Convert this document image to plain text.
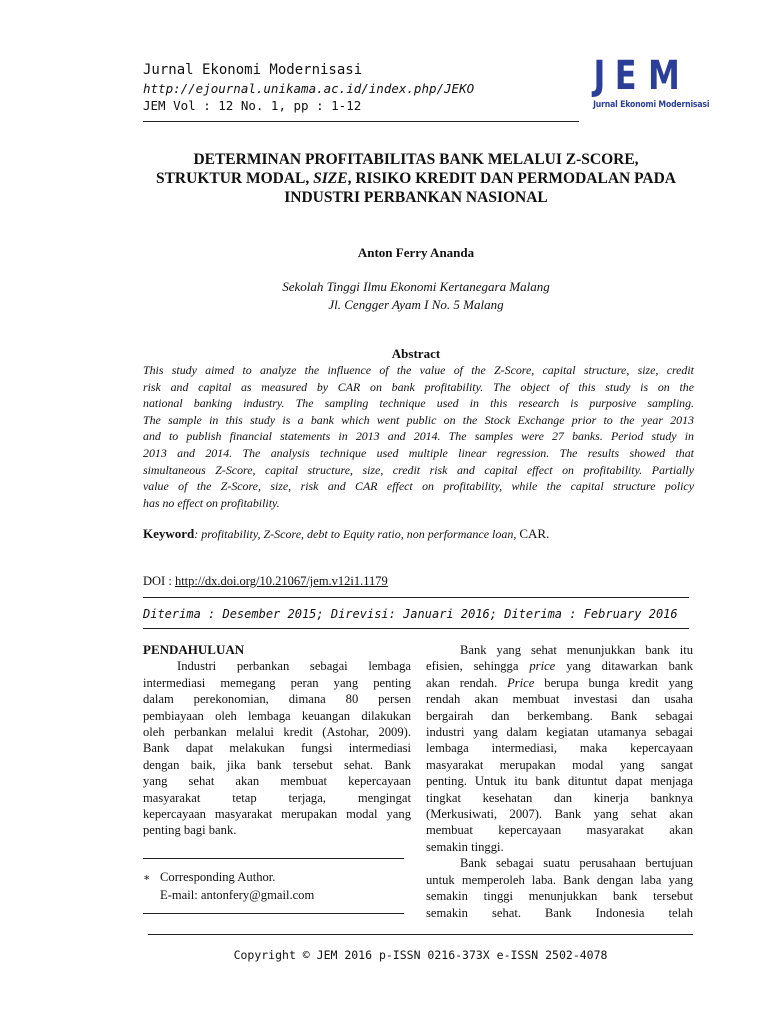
Jurnal Ekonomi Modernisasi
http://ejournal.unikama.ac.id/index.php/JEKO
JEM Vol : 12 No. 1, pp : 1-12
J E M
Jurnal Ekonomi Modernisasi
DETERMINAN PROFITABILITAS BANK MELALUI Z-SCORE,
STRUKTUR MODAL, SIZE, RISIKO KREDIT DAN PERMODALAN PADA
INDUSTRI PERBANKAN NASIONAL
Anton Ferry Ananda
Sekolah Tinggi Ilmu Ekonomi Kertanegara Malang
Jl. Cengger Ayam I No. 5 Malang
Abstract
This study aimed to analyze the influence of the value of the Z-Score, capital structure, size, credit
risk and capital as measured by CAR on bank profitability. The object of this study is on the
national banking industry. The sampling technique used in this research is purposive sampling.
The sample in this study is a bank which went public on the Stock Exchange prior to the year 2013
and to publish financial statements in 2013 and 2014. The samples were 27 banks. Period study in
2013 and 2014. The analysis technique used multiple linear regression. The results showed that
simultaneous Z-Score, capital structure, size, credit risk and capital effect on profitability. Partially
value of the Z-Score, size, risk and CAR effect on profitability, while the capital structure policy
has no effect on profitability.
Keyword: profitability, Z-Score, debt to Equity ratio, non performance loan, CAR.
DOI : http://dx.doi.org/10.21067/jem.v12i1.1179
Diterima : Desember 2015; Direvisi: Januari 2016; Diterima : February 2016
PENDAHULUAN
Industri perbankan sebagai lembaga
intermediasi memegang peran yang penting
dalam perekonomian, dimana 80 persen
pembiayaan oleh lembaga keuangan dilakukan
oleh perbankan melalui kredit (Astohar, 2009).
Bank dapat melakukan fungsi intermediasi
dengan baik, jika bank tersebut sehat. Bank
yang sehat akan membuat kepercayaan
masyarakat tetap terjaga, mengingat
kepercayaan masyarakat merupakan modal yang
penting bagi bank.
∗ Corresponding Author.
E-mail: antonfery@gmail.com
Bank yang sehat menunjukkan bank itu
efisien, sehingga price yang ditawarkan bank
akan rendah. Price berupa bunga kredit yang
rendah akan membuat investasi dan usaha
bergairah dan berkembang. Bank sebagai
industri yang dalam kegiatan utamanya sebagai
lembaga intermediasi, maka kepercayaan
masyarakat merupakan modal yang sangat
penting. Untuk itu bank dituntut dapat menjaga
tingkat kesehatan dan kinerja banknya
(Merkusiwati, 2007). Bank yang sehat akan
membuat kepercayaan masyarakat akan
semakin tinggi.
Bank sebagai suatu perusahaan bertujuan
untuk memperoleh laba. Bank dengan laba yang
semakin tinggi menunjukkan bank tersebut
semakin sehat. Bank Indonesia telah
Copyright © JEM 2016 p-ISSN 0216-373X e-ISSN 2502-4078
